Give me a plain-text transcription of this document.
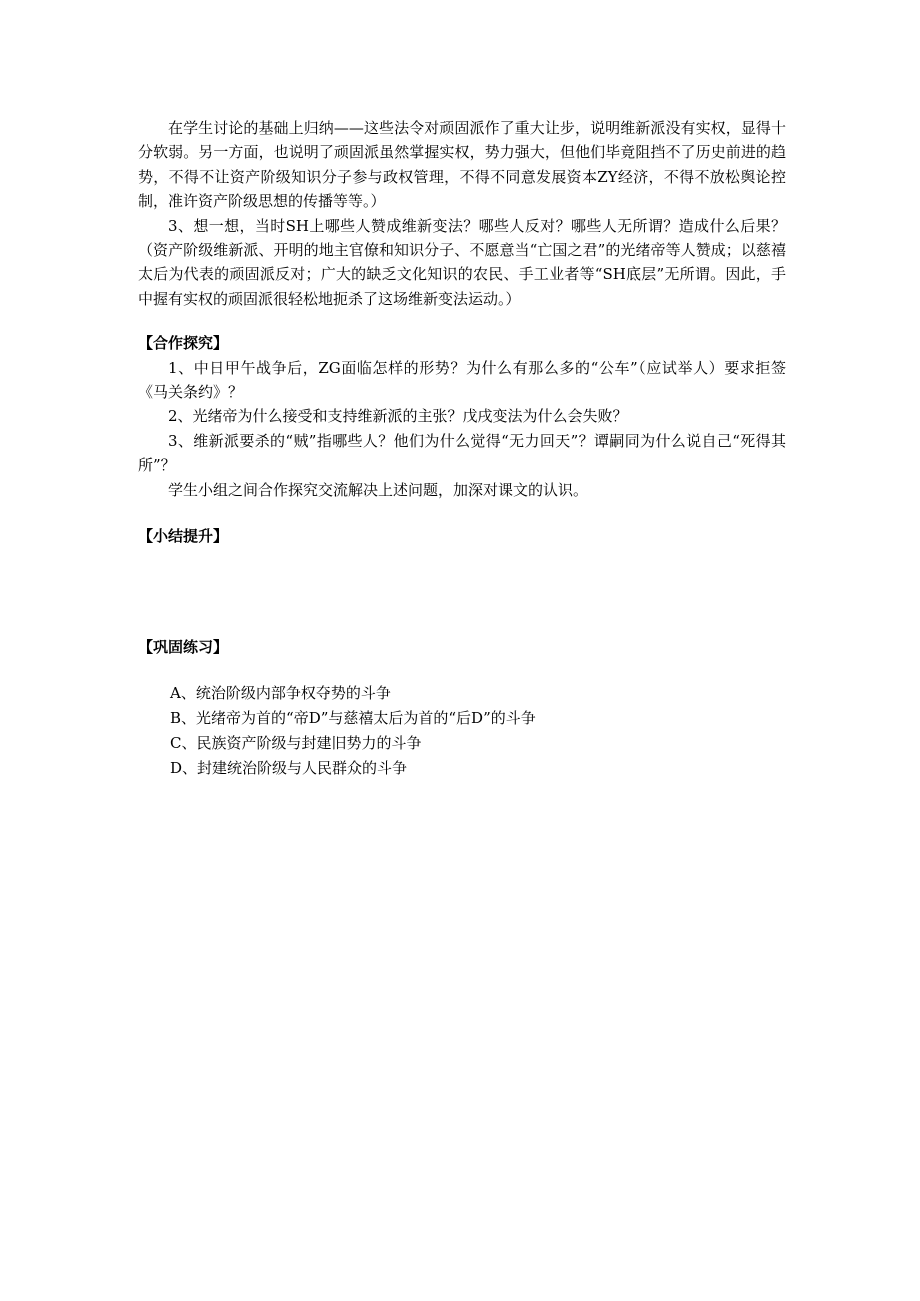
在学生讨论的基础上归纳——这些法令对顽固派作了重大让步，说明维新派没有实权，显得十分软弱。另一方面，也说明了顽固派虽然掌握实权，势力强大，但他们毕竟阻挡不了历史前进的趋势，不得不让资产阶级知识分子参与政权管理，不得不同意发展资本ZY经济，不得不放松舆论控制，准许资产阶级思想的传播等等。）

3、想一想，当时SH上哪些人赞成维新变法？哪些人反对？哪些人无所谓？造成什么后果？（资产阶级维新派、开明的地主官僚和知识分子、不愿意当“亡国之君”的光绪帝等人赞成；以慈禧太后为代表的顽固派反对；广大的缺乏文化知识的农民、手工业者等“SH底层”无所谓。因此，手中握有实权的顽固派很轻松地扼杀了这场维新变法运动。）

【合作探究】

1、中日甲午战争后，ZG面临怎样的形势？为什么有那么多的“公车”（应试举人）要求拒签《马关条约》？

2、光绪帝为什么接受和支持维新派的主张？戊戌变法为什么会失败？

3、维新派要杀的“贼”指哪些人？他们为什么觉得“无力回天”？谭嗣同为什么说自己“死得其所”？

学生小组之间合作探究交流解决上述问题，加深对课文的认识。

【小结提升】

【巩固练习】

A、统治阶级内部争权夺势的斗争

B、光绪帝为首的“帝D”与慈禧太后为首的“后D”的斗争

C、民族资产阶级与封建旧势力的斗争

D、封建统治阶级与人民群众的斗争
